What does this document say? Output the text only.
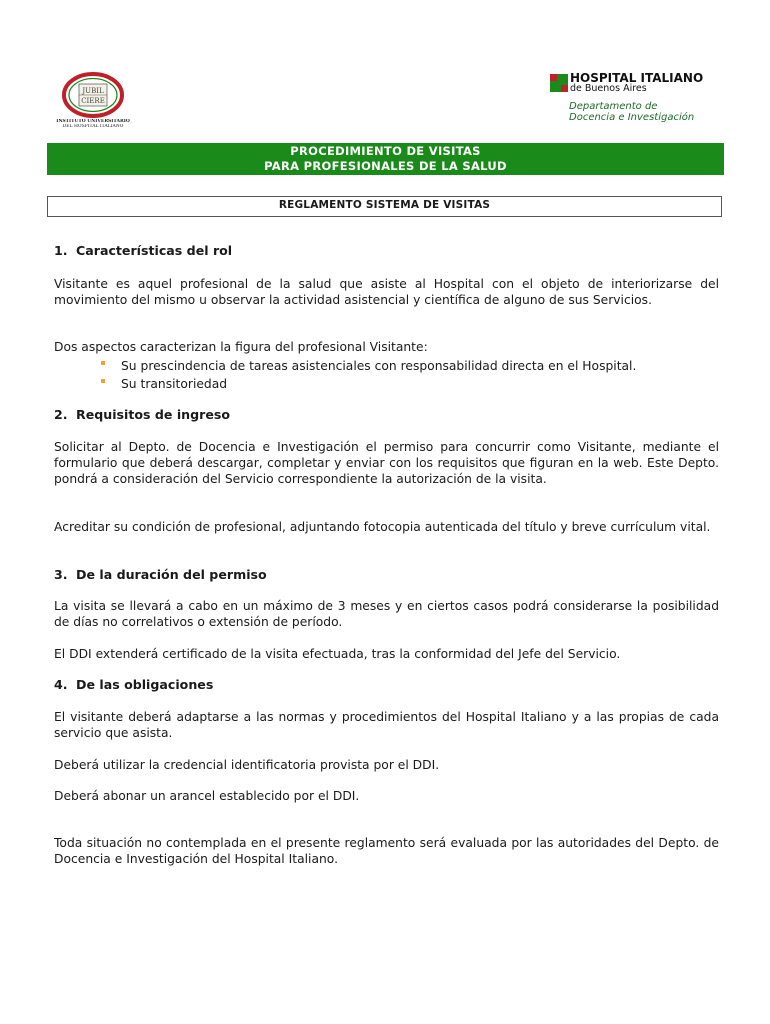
JUBIL
CIERE
INSTITUTO UNIVERSITARIO
DEL HOSPITAL ITALIANO
HOSPITAL ITALIANO
de Buenos Aires
Departamento de
Docencia e Investigación
PROCEDIMIENTO DE VISITAS
PARA PROFESIONALES DE LA SALUD
REGLAMENTO SISTEMA DE VISITAS

1. Características del rol

Visitante es aquel profesional de la salud que asiste al Hospital con el objeto de interiorizarse del movimiento del mismo u observar la actividad asistencial y científica de alguno de sus Servicios.

Dos aspectos caracterizan la figura del profesional Visitante:

Su prescindencia de tareas asistenciales con responsabilidad directa en el Hospital.
Su transitoriedad

2. Requisitos de ingreso

Solicitar al Depto. de Docencia e Investigación el permiso para concurrir como Visitante, mediante el formulario que deberá descargar, completar y enviar con los requisitos que figuran en la web. Este Depto. pondrá a consideración del Servicio correspondiente la autorización de la visita.

Acreditar su condición de profesional, adjuntando fotocopia autenticada del título y breve currículum vital.

3. De la duración del permiso

La visita se llevará a cabo en un máximo de 3 meses y en ciertos casos podrá considerarse la posibilidad de días no correlativos o extensión de período.

El DDI extenderá certificado de la visita efectuada, tras la conformidad del Jefe del Servicio.

4. De las obligaciones

El visitante deberá adaptarse a las normas y procedimientos del Hospital Italiano y a las propias de cada servicio que asista.

Deberá utilizar la credencial identificatoria provista por el DDI.

Deberá abonar un arancel establecido por el DDI.

Toda situación no contemplada en el presente reglamento será evaluada por las autoridades del Depto. de Docencia e Investigación del Hospital Italiano.
